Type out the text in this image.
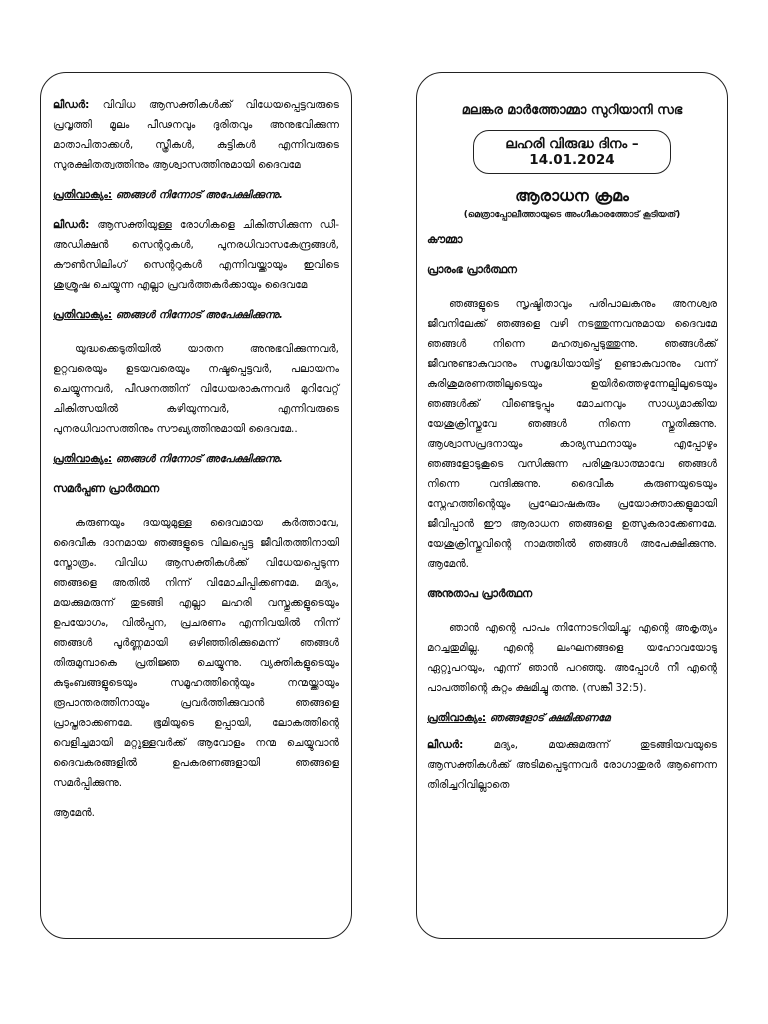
ലീഡർ: വിവിധ ആസക്തികൾക്ക് വിധേയപ്പെട്ടവരുടെ പ്രവൃത്തി മൂലം പീഢനവും ദുരിതവും അനുഭവിക്കുന്ന മാതാപിതാക്കൾ, സ്ത്രീകൾ, കുട്ടികൾ എന്നിവരുടെ സുരക്ഷിതത്വത്തിനും ആശ്വാസത്തിനുമായി ദൈവമേ

പ്രതിവാക്യം: ഞങ്ങൾ നിന്നോട് അപേക്ഷിക്കുന്നു.

ലീഡർ: ആസക്തിയുള്ള രോഗികളെ ചികിത്സിക്കുന്ന ഡീ-അഡിക്ഷൻ സെന്ററുകൾ, പുനരധിവാസകേന്ദ്രങ്ങൾ, കൗൺസിലിംഗ് സെന്ററുകൾ എന്നിവയ്ക്കായും ഇവിടെ ശുശ്രൂഷ ചെയ്യുന്ന എല്ലാ പ്രവർത്തകർക്കായും ദൈവമേ

പ്രതിവാക്യം: ഞങ്ങൾ നിന്നോട് അപേക്ഷിക്കുന്നു.

യുദ്ധക്കെടുതിയിൽ യാതന അനുഭവിക്കുന്നവർ, ഉറ്റവരെയും ഉടയവരെയും നഷ്ടപ്പെട്ടവർ, പലായനം ചെയ്യുന്നവർ, പീഢനത്തിന് വിധേയരാകുന്നവർ മുറിവേറ്റ് ചികിത്സയിൽ കഴിയുന്നവർ, എന്നിവരുടെ പുനരധിവാസത്തിനും സൗഖ്യത്തിനുമായി ദൈവമേ..

പ്രതിവാക്യം: ഞങ്ങൾ നിന്നോട് അപേക്ഷിക്കുന്നു.
സമർപ്പണ പ്രാർത്ഥന

കരുണയും ദയയുമുള്ള ദൈവമായ കർത്താവേ, ദൈവീക ദാനമായ ഞങ്ങളുടെ വിലപ്പെട്ട ജീവിതത്തിനായി സ്തോത്രം. വിവിധ ആസക്തികൾക്ക് വിധേയപ്പെടുന്ന ഞങ്ങളെ അതിൽ നിന്ന് വിമോചിപ്പിക്കണമേ. മദ്യം, മയക്കുമരുന്ന് തുടങ്ങി എല്ലാ ലഹരി വസ്തുക്കളുടെയും ഉപയോഗം, വിൽപ്പന, പ്രചരണം എന്നിവയിൽ നിന്ന് ഞങ്ങൾ പൂർണ്ണമായി ഒഴിഞ്ഞിരിക്കുമെന്ന് ഞങ്ങൾ തിരുമുമ്പാകെ പ്രതിജ്ഞ ചെയ്യുന്നു. വ്യക്തികളുടെയും കുടുംബങ്ങളുടെയും സമൂഹത്തിന്റെയും നന്മയ്ക്കായും രൂപാന്തരത്തിനായും പ്രവർത്തിക്കുവാൻ ഞങ്ങളെ പ്രാപ്തരാക്കണമേ. ഭൂമിയുടെ ഉപ്പായി, ലോകത്തിന്റെ വെളിച്ചമായി മറ്റുള്ളവർക്ക് ആവോളം നന്മ ചെയ്യുവാൻ ദൈവകരങ്ങളിൽ ഉപകരണങ്ങളായി ഞങ്ങളെ സമർപ്പിക്കുന്നു.

ആമേൻ.

മലങ്കര മാർത്തോമ്മാ സുറിയാനി സഭ
ലഹരി വിരുദ്ധ ദിനം – 14.01.2024
ആരാധന ക്രമം
(മെത്രാപ്പോലീത്തായുടെ അംഗീകാരത്തോട് കൂടിയത്)
കൗമ്മാ
പ്രാരംഭ പ്രാർത്ഥന

ഞങ്ങളുടെ സൃഷ്ടിതാവും പരിപാലകനും അനശ്വര ജീവനിലേക്ക് ഞങ്ങളെ വഴി നടത്തുന്നവനുമായ ദൈവമേ ഞങ്ങൾ നിന്നെ മഹത്വപ്പെടുത്തുന്നു. ഞങ്ങൾക്ക് ജീവനുണ്ടാകുവാനും സമൃദ്ധിയായിട്ട് ഉണ്ടാകുവാനും വന്ന് കുരിശുമരണത്തിലൂടെയും ഉയിർത്തെഴുന്നേല്പിലൂടെയും ഞങ്ങൾക്ക് വീണ്ടെടുപ്പും മോചനവും സാധ്യമാക്കിയ യേശുക്രിസ്തുവേ ഞങ്ങൾ നിന്നെ സ്തുതിക്കുന്നു. ആശ്വാസപ്രദനായും കാര്യസ്ഥനായും എപ്പോഴും ഞങ്ങളോടുകൂടെ വസിക്കുന്ന പരിശുദ്ധാത്മാവേ ഞങ്ങൾ നിന്നെ വന്ദിക്കുന്നു. ദൈവീക കരുണയുടെയും സ്നേഹത്തിന്റെയും പ്രഘോഷകരും പ്രയോക്താക്കളുമായി ജീവിപ്പാൻ ഈ ആരാധന ഞങ്ങളെ ഉത്സുകരാക്കേണമേ. യേശുക്രിസ്തുവിന്റെ നാമത്തിൽ ഞങ്ങൾ അപേക്ഷിക്കുന്നു. ആമേൻ.

അനുതാപ പ്രാർത്ഥന

ഞാൻ എന്റെ പാപം നിന്നോടറിയിച്ചു; എന്റെ അകൃത്യം മറച്ചതുമില്ല. എന്റെ ലംഘനങ്ങളെ യഹോവയോടു ഏറ്റുപറയും, എന്ന് ഞാൻ പറഞ്ഞു. അപ്പോൾ നീ എന്റെ പാപത്തിന്റെ കുറ്റം ക്ഷമിച്ചു തന്നു. (സങ്കീ 32:5).

പ്രതിവാക്യം: ഞങ്ങളോട് ക്ഷമിക്കണമേ

ലീഡർ: മദ്യം, മയക്കുമരുന്ന് തുടങ്ങിയവയുടെ ആസക്തികൾക്ക് അടിമപ്പെടുന്നവർ രോഗാതുരർ ആണെന്ന തിരിച്ചറിവില്ലാതെ
